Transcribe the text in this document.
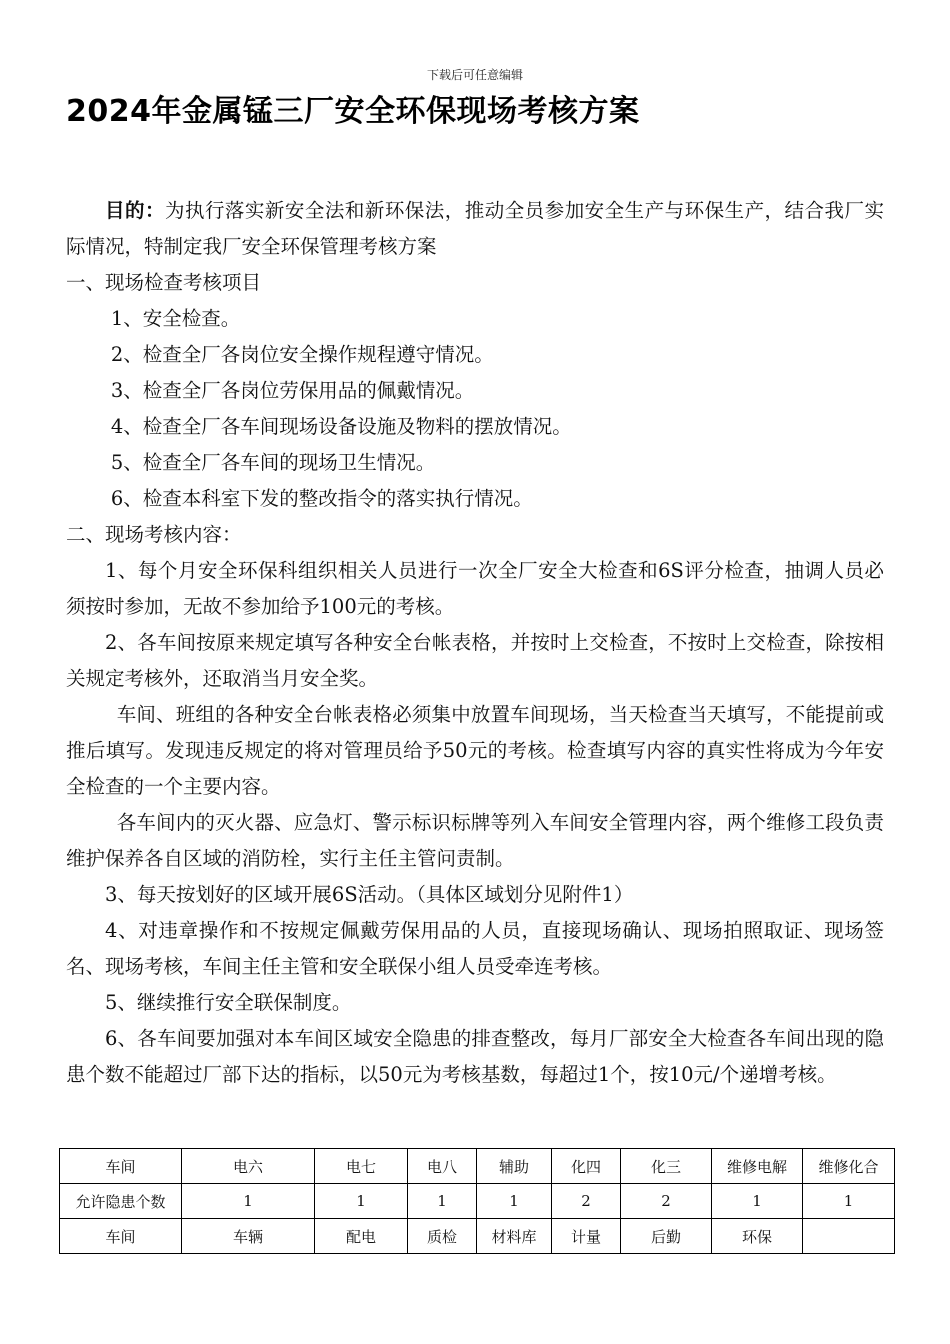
下载后可任意编辑
2024年金属锰三厂安全环保现场考核方案

目的：为执行落实新安全法和新环保法，推动全员参加安全生产与环保生产，结合我厂实际情况，特制定我厂安全环保管理考核方案

一、现场检查考核项目

1、安全检查。

2、检查全厂各岗位安全操作规程遵守情况。

3、检查全厂各岗位劳保用品的佩戴情况。

4、检查全厂各车间现场设备设施及物料的摆放情况。

5、检查全厂各车间的现场卫生情况。

6、检查本科室下发的整改指令的落实执行情况。

二、现场考核内容：

1、每个月安全环保科组织相关人员进行一次全厂安全大检查和6S评分检查，抽调人员必须按时参加，无故不参加给予100元的考核。

2、各车间按原来规定填写各种安全台帐表格，并按时上交检查，不按时上交检查，除按相关规定考核外，还取消当月安全奖。

车间、班组的各种安全台帐表格必须集中放置车间现场，当天检查当天填写，不能提前或推后填写。发现违反规定的将对管理员给予50元的考核。检查填写内容的真实性将成为今年安全检查的一个主要内容。

各车间内的灭火器、应急灯、警示标识标牌等列入车间安全管理内容，两个维修工段负责维护保养各自区域的消防栓，实行主任主管问责制。

3、每天按划好的区域开展6S活动。（具体区域划分见附件1）

4、对违章操作和不按规定佩戴劳保用品的人员，直接现场确认、现场拍照取证、现场签名、现场考核，车间主任主管和安全联保小组人员受牵连考核。

5、继续推行安全联保制度。

6、各车间要加强对本车间区域安全隐患的排查整改，每月厂部安全大检查各车间出现的隐患个数不能超过厂部下达的指标，以50元为考核基数，每超过1个，按10元/个递增考核。

车间	电六	电七	电八	辅助	化四	化三	维修电解	维修化合
允许隐患个数	1	1	1	1	2	2	1	1
车间	车辆	配电	质检	材料库	计量	后勤	环保	
